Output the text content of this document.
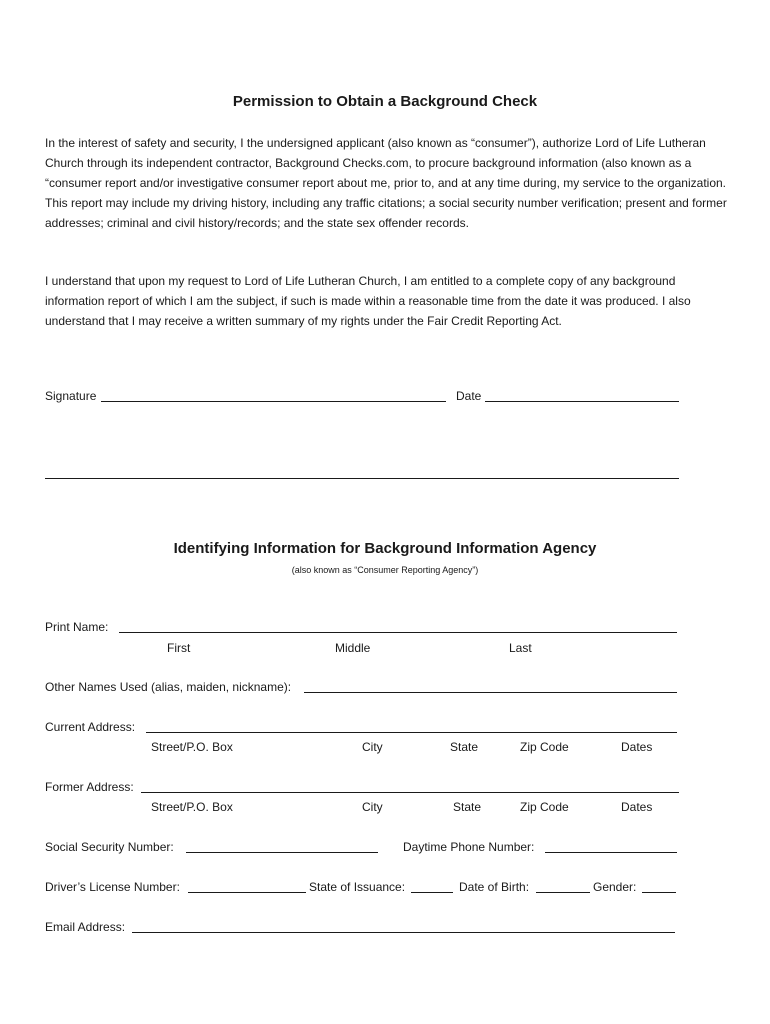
Permission to Obtain a Background Check

In the interest of safety and security, I the undersigned applicant (also known as “consumer”), authorize Lord of Life Lutheran Church through its independent contractor, Background Checks.com, to procure background information (also known as a “consumer report and/or investigative consumer report about me, prior to, and at any time during, my service to the organization. This report may include my driving history, including any traffic citations; a social security number verification; present and former addresses; criminal and civil history/records; and the state sex offender records.

I understand that upon my request to Lord of Life Lutheran Church, I am entitled to a complete copy of any background information report of which I am the subject, if such is made within a reasonable time from the date it was produced. I also understand that I may receive a written summary of my rights under the Fair Credit Reporting Act.

Signature	Date
Identifying Information for Background Information Agency
(also known as “Consumer Reporting Agency”)
Print Name:
First	Middle	Last
Other Names Used (alias, maiden, nickname):
Current Address:
Street/P.O. Box	City	State	Zip Code	Dates
Former Address:
Street/P.O. Box	City	State	Zip Code	Dates
Social Security Number:	Daytime Phone Number:
Driver’s License Number:	State of Issuance:	Date of Birth:	Gender:
Email Address:
